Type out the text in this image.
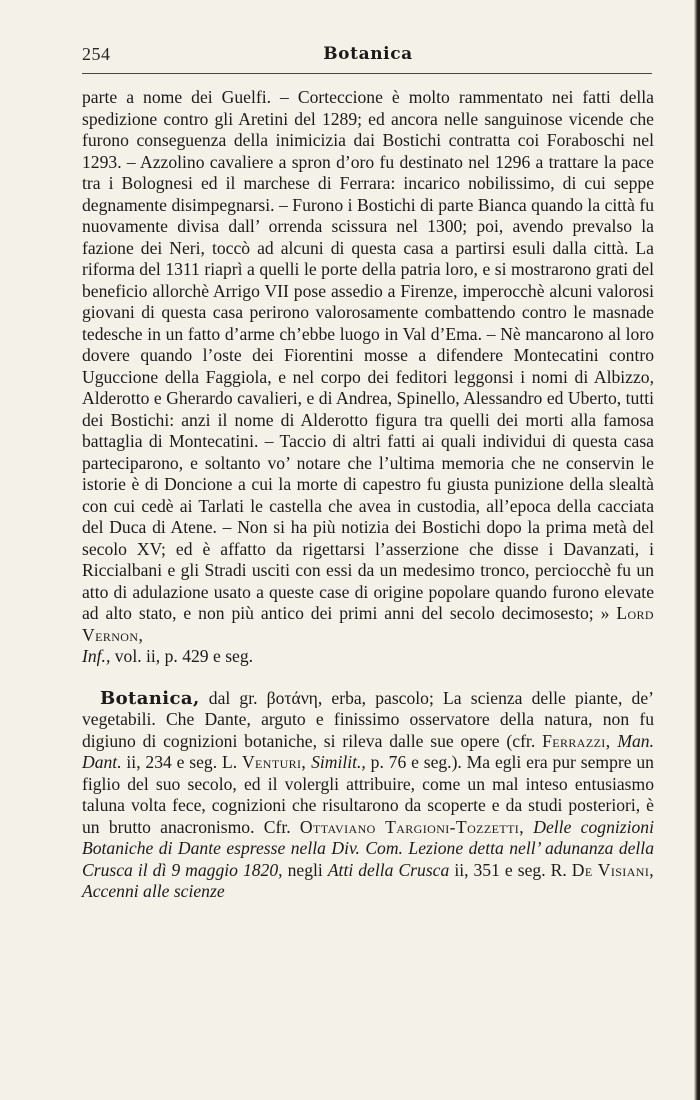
254	Botanica

parte a nome dei Guelfi. – Corteccione è molto rammentato nei fatti della spedizione contro gli Aretini del 1289; ed ancora nelle sanguinose vicende che furono conseguenza della inimicizia dai Bostichi contratta coi Foraboschi nel 1293. – Azzolino cavaliere a spron d’oro fu destinato nel 1296 a trattare la pace tra i Bolognesi ed il marchese di Ferrara: incarico nobilissimo, di cui seppe degnamente disimpegnarsi. – Furono i Bostichi di parte Bianca quando la città fu nuovamente divisa dall’ orrenda scissura nel 1300; poi, avendo prevalso la fazione dei Neri, toccò ad alcuni di questa casa a partirsi esuli dalla città. La riforma del 1311 riaprì a quelli le porte della patria loro, e si mostrarono grati del beneficio allorchè Arrigo VII pose assedio a Firenze, imperocchè alcuni valorosi giovani di questa casa perirono valorosamente combattendo contro le masnade tedesche in un fatto d’arme ch’ebbe luogo in Val d’Ema. – Nè mancarono al loro dovere quando l’oste dei Fiorentini mosse a difendere Montecatini contro Uguccione della Faggiola, e nel corpo dei feditori leggonsi i nomi di Albizzo, Alderotto e Gherardo cavalieri, e di Andrea, Spinello, Alessandro ed Uberto, tutti dei Bostichi: anzi il nome di Alderotto figura tra quelli dei morti alla famosa battaglia di Montecatini. – Taccio di altri fatti ai quali individui di questa casa parteciparono, e soltanto vo’ notare che l’ultima memoria che ne conservin le istorie è di Doncione a cui la morte di capestro fu giusta punizione della slealtà con cui cedè ai Tarlati le castella che avea in custodia, all’epoca della cacciata del Duca di Atene. – Non si ha più notizia dei Bostichi dopo la prima metà del secolo XV; ed è affatto da rigettarsi l’asserzione che disse i Davanzati, i Riccialbani e gli Stradi usciti con essi da un medesimo tronco, perciocchè fu un atto di adulazione usato a queste case di origine popolare quando furono elevate ad alto stato, e non più antico dei primi anni del secolo decimosesto; » Lord Vernon,
Inf., vol. ii, p. 429 e seg.

Botanica, dal gr. βοτάνη, erba, pascolo; La scienza delle piante, de’ vegetabili. Che Dante, arguto e finissimo osservatore della natura, non fu digiuno di cognizioni botaniche, si rileva dalle sue opere (cfr. Ferrazzi, Man. Dant. ii, 234 e seg. L. Venturi, Similit., p. 76 e seg.). Ma egli era pur sempre un figlio del suo secolo, ed il volergli attribuire, come un mal inteso entusiasmo taluna volta fece, cognizioni che risultarono da scoperte e da studi posteriori, è un brutto anacronismo. Cfr. Ottaviano Targioni-Tozzetti, Delle cognizioni Botaniche di Dante espresse nella Div. Com. Lezione detta nell’ adunanza della Crusca il dì 9 maggio 1820, negli Atti della Crusca ii, 351 e seg. R. De Visiani, Accenni alle scienze
